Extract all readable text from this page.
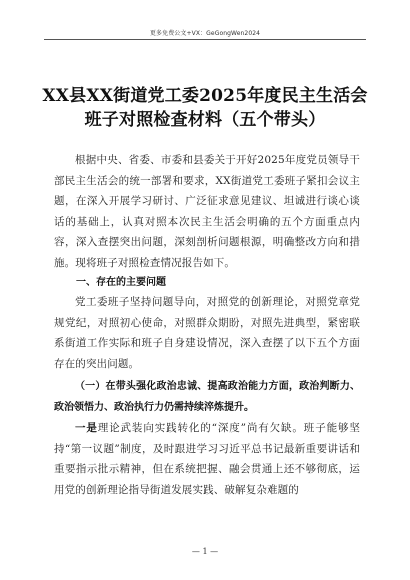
更多免费公文+VX：GeGongWen2024
XX县XX街道党工委2025年度民主生活会班子对照检查材料（五个带头）
根据中央、省委、市委和县委关于开好2025年度党员领导干部民主生活会的统一部署和要求，XX街道党工委班子紧扣会议主题，在深入开展学习研讨、广泛征求意见建议、坦诚进行谈心谈话的基础上，认真对照本次民主生活会明确的五个方面重点内容，深入查摆突出问题，深刻剖析问题根源，明确整改方向和措施。现将班子对照检查情况报告如下。
一、存在的主要问题
党工委班子坚持问题导向，对照党的创新理论，对照党章党规党纪，对照初心使命，对照群众期盼，对照先进典型，紧密联系街道工作实际和班子自身建设情况，深入查摆了以下五个方面存在的突出问题。
（一）在带头强化政治忠诚、提高政治能力方面，政治判断力、政治领悟力、政治执行力仍需持续淬炼提升。
一是理论武装向实践转化的“深度”尚有欠缺。班子能够坚持“第一议题”制度，及时跟进学习习近平总书记最新重要讲话和重要指示批示精神，但在系统把握、融会贯通上还不够彻底，运用党的创新理论指导街道发展实践、破解复杂难题的
— 1 —
